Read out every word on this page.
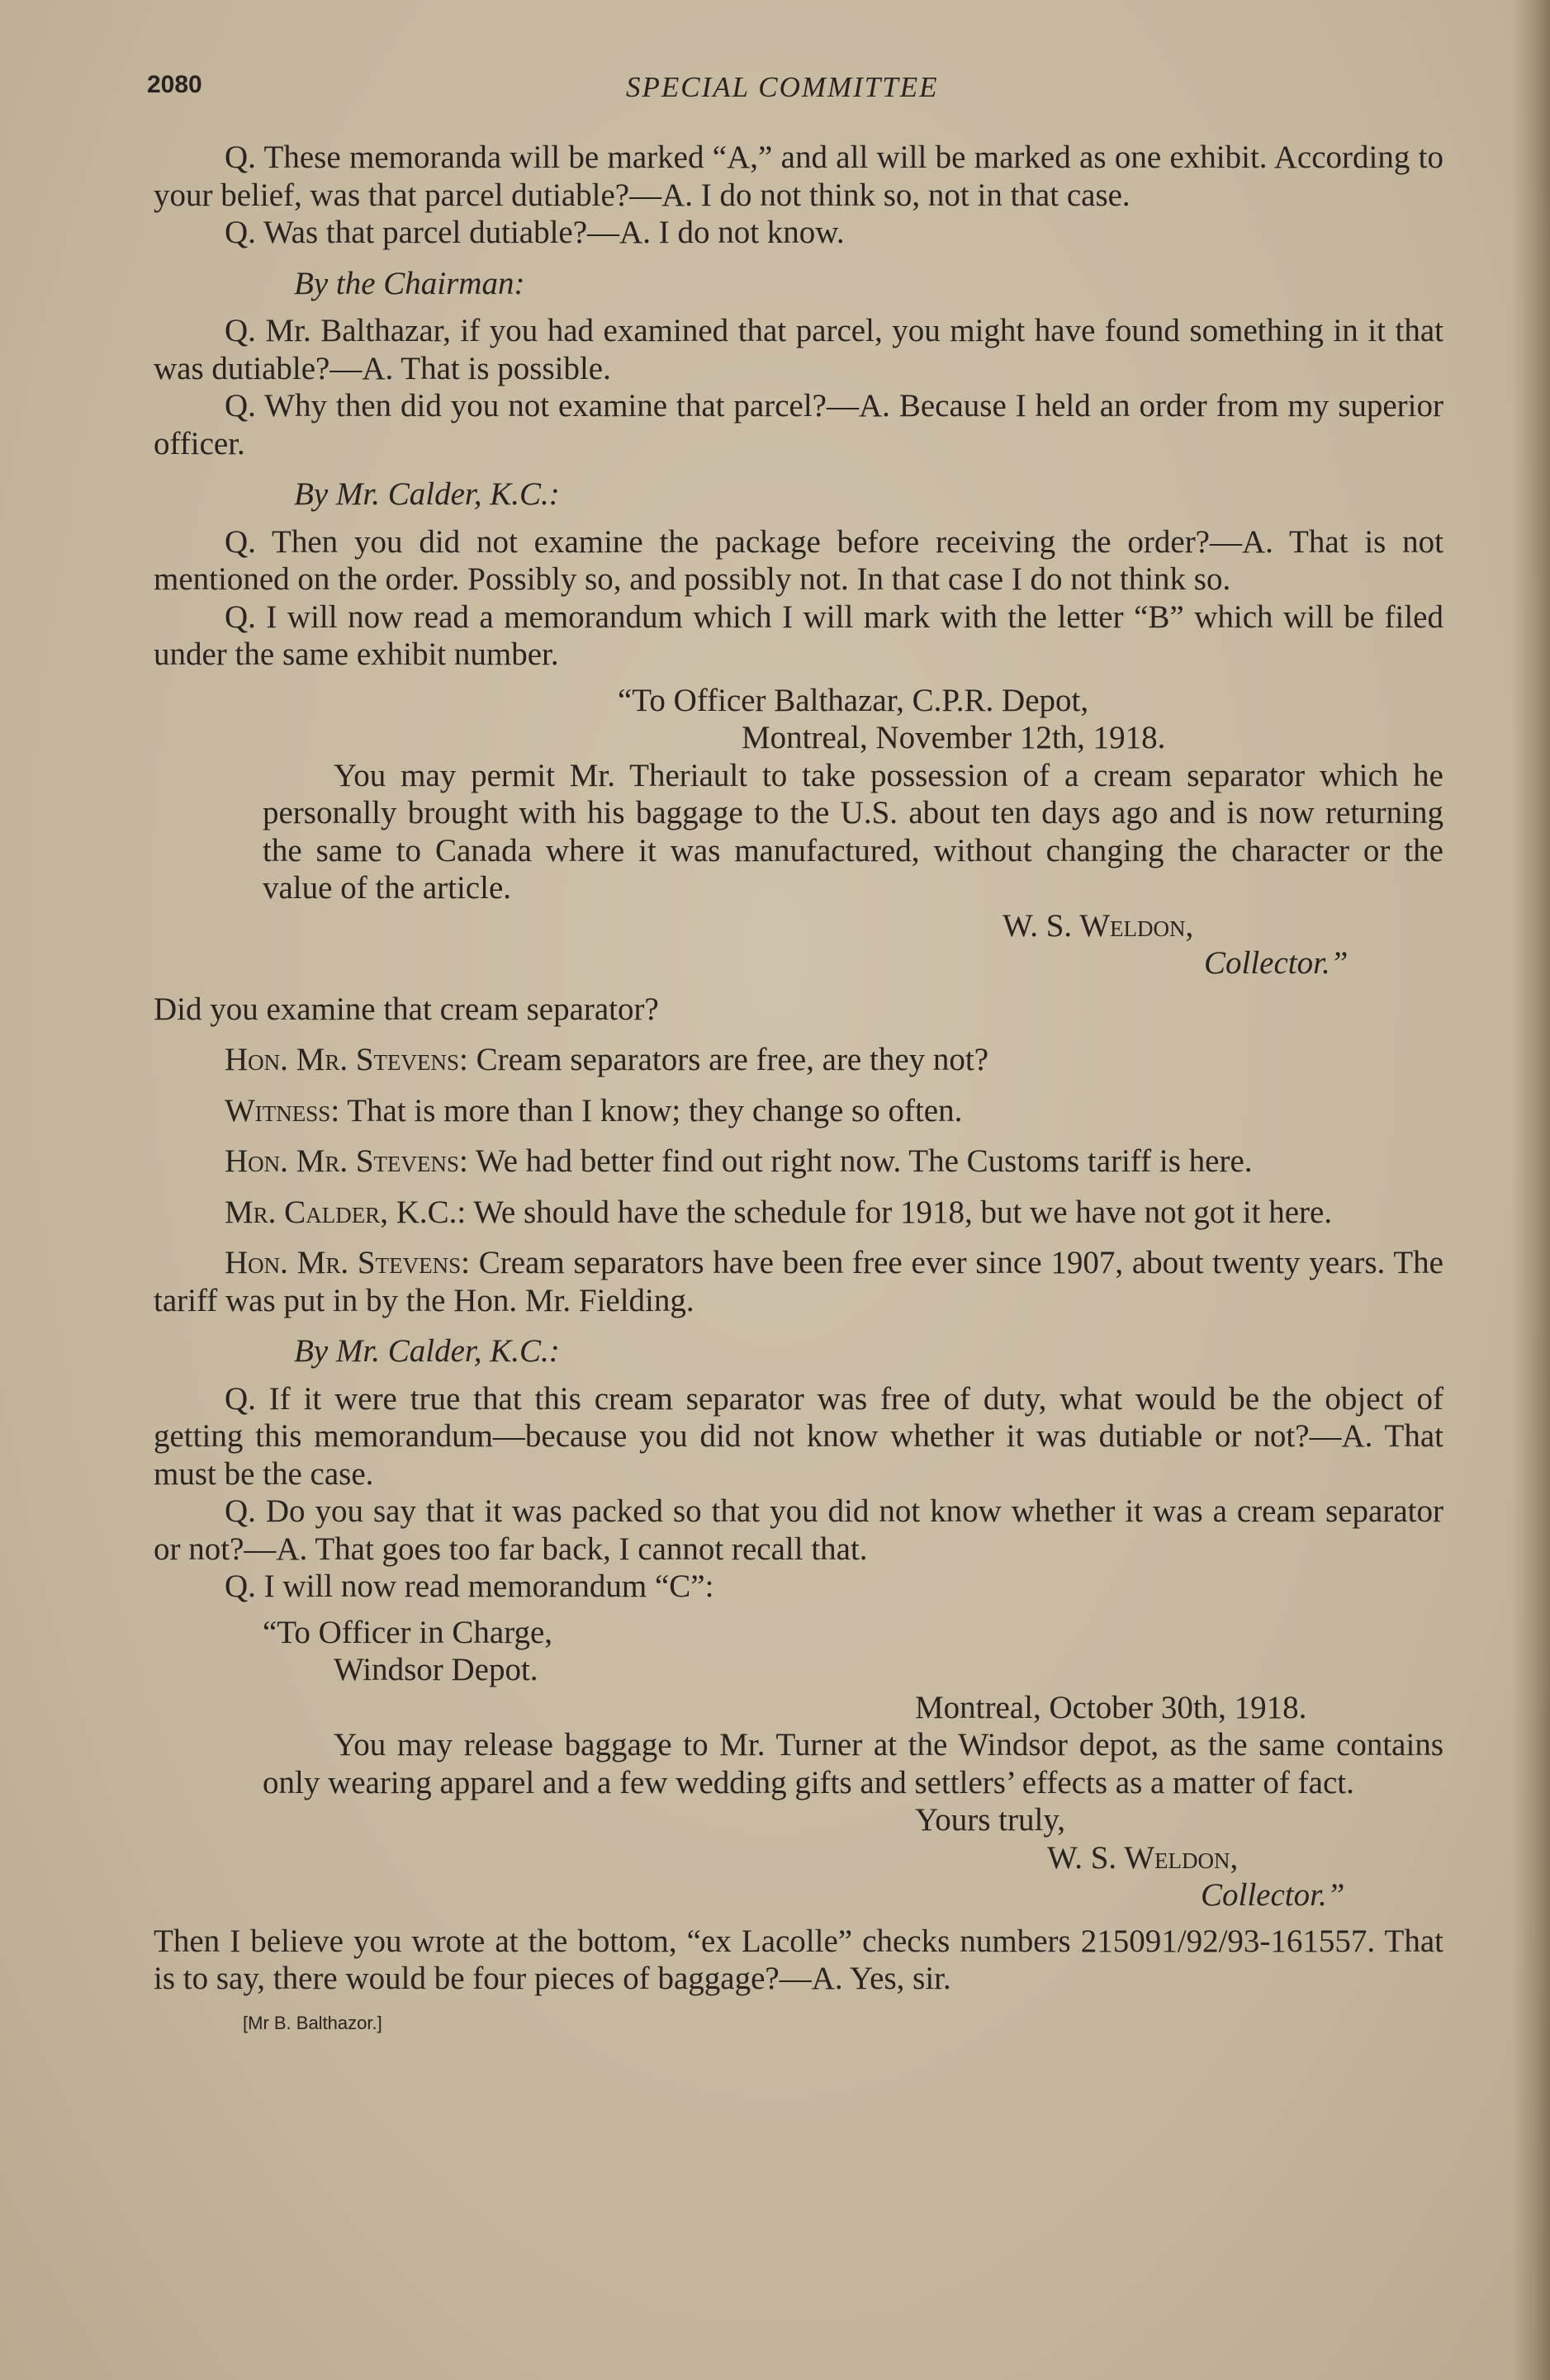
2080	SPECIAL COMMITTEE

Q. These memoranda will be marked “A,” and all will be marked as one exhibit. According to your belief, was that parcel dutiable?—A. I do not think so, not in that case.

Q. Was that parcel dutiable?—A. I do not know.

By the Chairman:

Q. Mr. Balthazar, if you had examined that parcel, you might have found something in it that was dutiable?—A. That is possible.

Q. Why then did you not examine that parcel?—A. Because I held an order from my superior officer.

By Mr. Calder, K.C.:

Q. Then you did not examine the package before receiving the order?—A. That is not mentioned on the order. Possibly so, and possibly not. In that case I do not think so.

Q. I will now read a memorandum which I will mark with the letter “B” which will be filed under the same exhibit number.

“To Officer Balthazar, C.P.R. Depot,

Montreal, November 12th, 1918.

You may permit Mr. Theriault to take possession of a cream separator which he personally brought with his baggage to the U.S. about ten days ago and is now returning the same to Canada where it was manufactured, without changing the character or the value of the article.

W. S. Weldon,

Collector.”

Did you examine that cream separator?

Hon. Mr. Stevens: Cream separators are free, are they not?

Witness: That is more than I know; they change so often.

Hon. Mr. Stevens: We had better find out right now. The Customs tariff is here.

Mr. Calder, K.C.: We should have the schedule for 1918, but we have not got it here.

Hon. Mr. Stevens: Cream separators have been free ever since 1907, about twenty years. The tariff was put in by the Hon. Mr. Fielding.

By Mr. Calder, K.C.:

Q. If it were true that this cream separator was free of duty, what would be the object of getting this memorandum—because you did not know whether it was dutiable or not?—A. That must be the case.

Q. Do you say that it was packed so that you did not know whether it was a cream separator or not?—A. That goes too far back, I cannot recall that.

Q. I will now read memorandum “C”:

“To Officer in Charge,

Windsor Depot.

Montreal, October 30th, 1918.

You may release baggage to Mr. Turner at the Windsor depot, as the same contains only wearing apparel and a few wedding gifts and settlers’ effects as a matter of fact.

Yours truly,

W. S. Weldon,

Collector.”

Then I believe you wrote at the bottom, “ex Lacolle” checks numbers 215091/92/93-161557. That is to say, there would be four pieces of baggage?—A. Yes, sir.

[Mr B. Balthazor.]
